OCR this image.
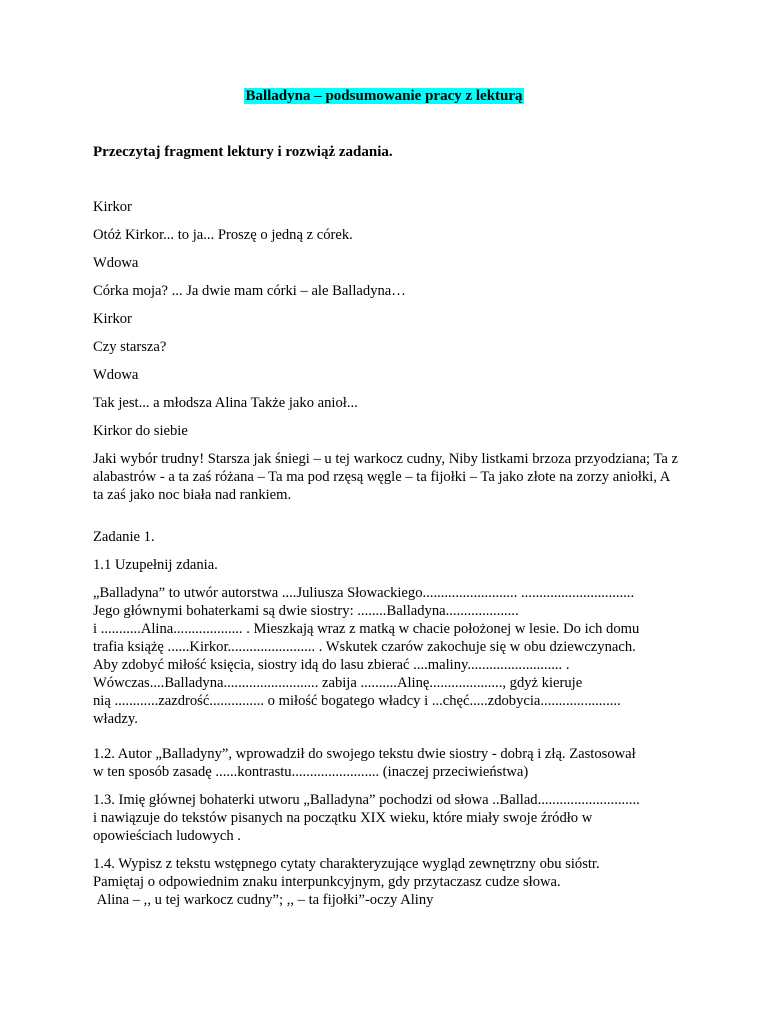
Balladyna – podsumowanie pracy z lekturą
Przeczytaj fragment lektury i rozwiąż zadania.

Kirkor

Otóż Kirkor... to ja... Proszę o jedną z córek.

Wdowa

Córka moja? ... Ja dwie mam córki – ale Balladyna…

Kirkor

Czy starsza?

Wdowa

Tak jest... a młodsza Alina Także jako anioł...

Kirkor do siebie

Jaki wybór trudny! Starsza jak śniegi – u tej warkocz cudny, Niby listkami brzoza przyodziana; Ta z alabastrów - a ta zaś różana – Ta ma pod rzęsą węgle – ta fijołki – Ta jako złote na zorzy aniołki, A ta zaś jako noc biała nad rankiem.

Zadanie 1.

1.1 Uzupełnij zdania.

„Balladyna” to utwór autorstwa ....Juliusza Słowackiego.......................... ...............................
Jego głównymi bohaterkami są dwie siostry: ........Balladyna....................
i ...........Alina................... . Mieszkają wraz z matką w chacie położonej w lesie. Do ich domu
trafia książę ......Kirkor........................ . Wskutek czarów zakochuje się w obu dziewczynach.
Aby zdobyć miłość księcia, siostry idą do lasu zbierać ....maliny.......................... .
Wówczas....Balladyna.......................... zabija ..........Alinę...................., gdyż kieruje
nią ............zazdrość............... o miłość bogatego władcy i ...chęć.....zdobycia......................
władzy.

1.2. Autor „Balladyny”, wprowadził do swojego tekstu dwie siostry - dobrą i złą. Zastosował
w ten sposób zasadę ......kontrastu........................ (inaczej przeciwieństwa)

1.3. Imię głównej bohaterki utworu „Balladyna” pochodzi od słowa ..Ballad............................
i nawiązuje do tekstów pisanych na początku XIX wieku, które miały swoje źródło w
opowieściach ludowych .

1.4. Wypisz z tekstu wstępnego cytaty charakteryzujące wygląd zewnętrzny obu sióstr.
Pamiętaj o odpowiednim znaku interpunkcyjnym, gdy przytaczasz cudze słowa.
Alina – ,, u tej warkocz cudny”; ,, – ta fijołki”-oczy Aliny
